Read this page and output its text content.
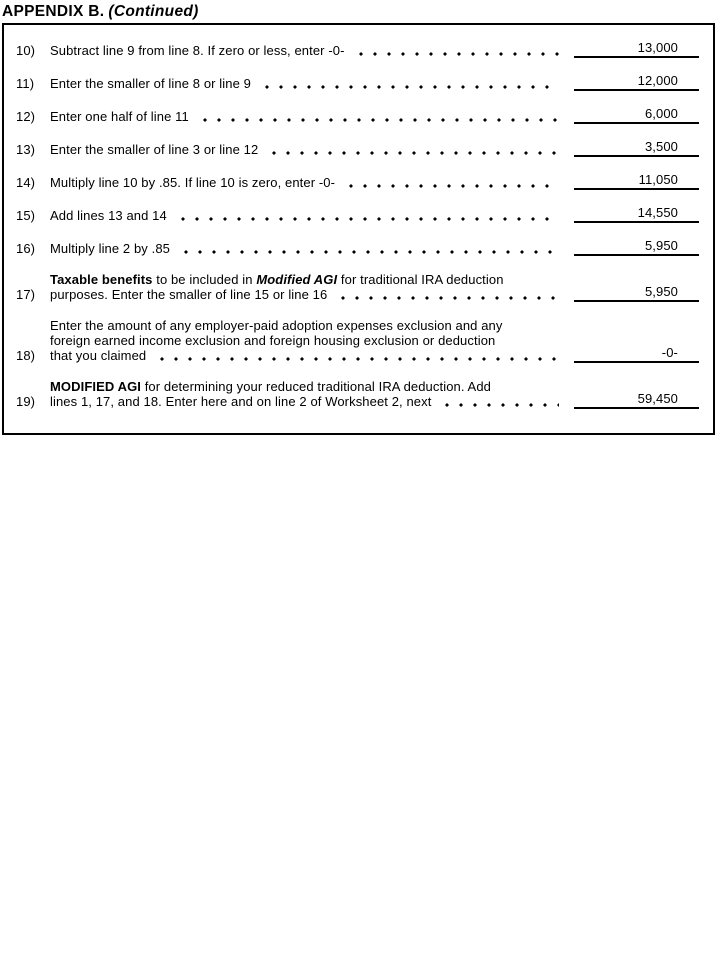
APPENDIX B. (Continued)
10)	Subtract line 9 from line 8. If zero or less, enter -0-	13,000
11)	Enter the smaller of line 8 or line 9	12,000
12)	Enter one half of line 11	6,000
13)	Enter the smaller of line 3 or line 12	3,500
14)	Multiply line 10 by .85. If line 10 is zero, enter -0-	11,050
15)	Add lines 13 and 14	14,550
16)	Multiply line 2 by .85	5,950
17)
Taxable benefits to be included in Modified AGI for traditional IRA deduction
purposes. Enter the smaller of line 15 or line 16	5,950
18)
Enter the amount of any employer-paid adoption expenses exclusion and any
foreign earned income exclusion and foreign housing exclusion or deduction
that you claimed	-0-
19)
MODIFIED AGI for determining your reduced traditional IRA deduction. Add
lines 1, 17, and 18. Enter here and on line 2 of Worksheet 2, next	59,450
